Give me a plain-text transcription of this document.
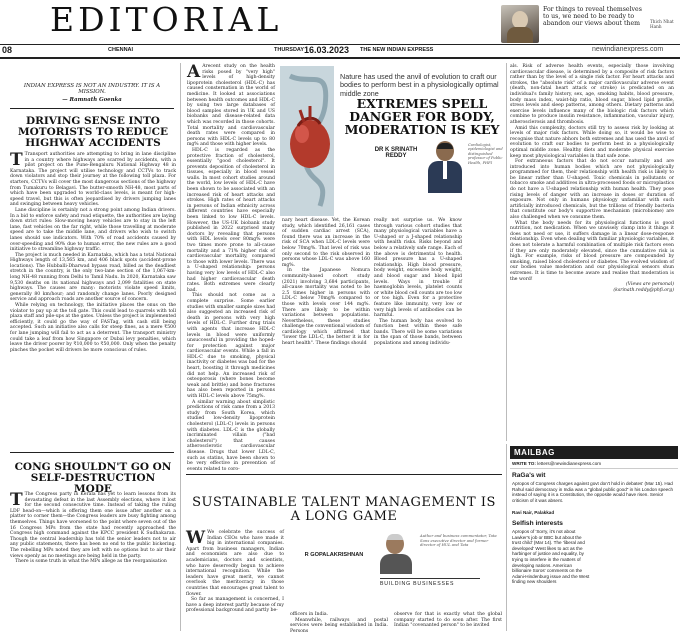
EDITORIAL	For things to reveal themselves to us, we need to be ready to abandon our views about them	Thich Nhat Hanh
08	CHENNAI	THURSDAY 16.03.2023 THE NEW INDIAN EXPRESS	newindianexpress.com
INDIAN EXPRESS IS NOT AN INDUSTRY. IT IS A MISSION.
— Ramnath Goenka
DRIVING SENSE INTO MOTORISTS TO REDUCE HIGHWAY ACCIDENTS

T Transport authorities are attempting to bring in lane discipline in a country where highways are scarred by accidents, with a pilot project on the Pune-Bengaluru National Highway 48 in Karnataka. The project will utilise technology and CCTVs to track down violators and stop their journey at the following toll plaza. For starters, CCTVs will cover the most dangerous sections of the highway from Tumakuru to Belagavi. The butter-smooth NH-48, most parts of which have been upgraded to world-class levels, is meant for high-speed travel, but this is often jeopardised by drivers jumping lanes and swinging between heavy vehicles.

Lane discipline is certainly not a strong point among Indian drivers. In a bid to enforce safety and road etiquette, the authorities are laying down strict rules: Slow-moving heavy vehicles are to stay in the left lane, fast vehicles on the far right, while those travelling at moderate speed are to take the middle lane, and drivers who wish to switch lanes should use indicators. With 70% of road accidents caused by over-speeding and 90% due to human error, the new rules are a good initiative to streamline highway traffic.

The project is much needed in Karnataka, which has a total National Highways length of 13,565 km, and 406 black spots (accident-prone locations). The Hubballi-Dharwad bypass road, billed as the deadliest stretch in the country, is the only two-lane section of the 1,067-km-long NH-48 running from Delhi to Tamil Nadu. In 2020, Karnataka saw 9,530 deaths on its national highways and 2,099 fatalities on state highways. The causes are many: motorists violate speed limits, generally 80 km/hour; and randomly change lanes. Poorly designed service and approach roads are another source of concern.

While relying on technology, the initiative places the onus on the violator to pay up at the toll gate. This could lead to quarrels with toll plaza staff and pile-ups at the gates. Unless the project is implemented efficiently, it could go the way of FASTag, with cash still being accepted. Such an initiative also calls for steep fines, as a mere ₹500 for lane jumping will fail to act as a deterrent. The transport ministry could take a leaf from how Singapore or Dubai levy penalties, which leave the driver poorer by ₹10,000 to ₹50,000. Only when the penalty pinches the pocket will drivers be more conscious of rules.

CONG SHOULDN'T GO ON SELF-DESTRUCTION MODE

T The Congress party in Kerala has yet to learn lessons from its devastating defeat in the last Assembly elections, where it lost for the second consecutive time. Instead of taking the ruling LDF head-on—which is offering them one issue after another on a platter to corner them—the Congress leaders are busy fighting among themselves. Things have worsened to the point where seven out of the 16 Congress MPs from the state had recently approached the Congress high command against the KPCC president K Sudhakaran. Though the central leadership has told the senior leaders not to air any public statements, there has been no end to the public bickering. The rebelling MPs noted they are left with no options but to air their views openly as no meetings are being held in the party.

There is some truth in what the MPs allege as the reorganisation

A Arecent study on the health risks posed by "very high" levels of high-density lipoprotein cholesterol (HDL-C) has caused consternation in the world of medicine. It looked at associations between health outcomes and HDL-C by using two large databases of blood samples stored in UK and US biobanks and disease-related data which was recorded in those cohorts. Total mortality and cardiovascular death rates were compared in persons with HDL-C levels up to 80 mg% and those with higher levels.

HDL-C is regarded as the protective fraction of cholesterol, essentially "good cholesterol". It prevents deposition of cholesterol in tissues, especially in blood vessel walls. In most cohort studies around the world, low levels of HDL-C have been shown to be associated with an increased risk of heart attacks and strokes. High rates of heart attacks in persons of Indian ethnicity across different countries have especially been linked to low HDL-C levels. However, the US-UK biobank study published in 2022 surprised many doctors by revealing that persons with HDL levels over 80mg% were two times more prone to all-cause mortality and a 71% higher risk of cardiovascular mortality, compared to those with lower levels. There was a U-shaped relationship: persons having very low levels of HDL-C also had higher cardiovascular death rates. Both extremes were clearly bad.

This should not come as a complete surprise. Some earlier studies with smaller sample sizes had also suggested an increased risk of death in persons with very high levels of HDL-C. Further drug trials with agents that increase HDL-C levels in blood were uniformly unsuccessful in providing the hoped-for protection against major cardiovascular events. While a fall in HDL-C due to smoking, physical inactivity or diabetes was bad for the heart, boosting it through medicines did not help. An increased risk of osteoporosis (where bones become weak and brittle) and bone fractures has also been reported in persons with HDL-C levels above 75mg%.

A similar warning about simplistic predictions of risk came from a 2013 study from South Korea, which studied low-density lipoprotein cholesterol (LDL-C) levels in persons with diabetes. LDL-C is the globally incriminated villain ("bad cholesterol") that causes atherosclerotic cardiovascular disease. Drugs that lower LDL-C, such as statins, have been shown to be very effective in prevention of events related to coro-

Nature has used the anvil of evolution to craft our bodies to perform best in a physiologically optimal middle zone
EXTREMES SPELL DANGER FOR BODY, MODERATION IS KEY
DR K SRINATH REDDY
Cardiologist, epidemiologist and distinguished professor of Public Health, PHFI

nary heart disease. Yet, the Korean study, which identified 26,161 cases of sudden cardiac arrest (SCA), found there was an increase in the risk of SCA when LDL-C levels were below 70mg%. That level of risk was only second to the risk observed in persons whose LDL-C was above 160 mg%.

In the Japanese Nomura community-based cohort study (2021) involving 3,684 participants, all-cause mortality was noted to be 2.5 times higher in persons with LDL-C below 70mg% compared to those with levels over 144 mg%. There are likely to be within variations between populations. Nevertheless, these studies challenge the conventional wisdom of cardiology which affirmed that "lower the LDL-C, the better it is for heart health". These findings should

really not surprise us. We know through various cohort studies that many physiological variables have a U-shaped or a J-shaped relationship with health risks. Risks beyond and below a relatively safe range. Each of the above is detrimental to health. Blood pressure has a U-shaped relationship. High blood pressure, body weight, excessive body weight, and blood sugar and blood lipid levels. Ways in trouble if haemoglobin levels, platelet counts or white blood cell counts are too low or too high. Even for a protective feature like immunity, very low or very high levels of antibodies can be harmful.

The human body has evolved to function best within these safe bands. There will be some variations in the span of those bands, between populations and among individu-

als. Risk of adverse health events, especially those involving cardiovascular disease, is determined by a composite of risk factors rather than by the level of a single risk factor. For heart attacks and strokes, the "absolute risk" of a major cardiovascular adverse event (death, non-fatal heart attack or stroke) is predicated on an individual's family history, sex, age, smoking habits, blood pressure, body mass index, waist-hip ratio, blood sugar, blood lipid profile, stress levels and sleep patterns, among others. Dietary patterns and exercise levels influence many of the biologic risk factors which combine to produce insulin resistance, inflammation, vascular injury, atherosclerosis and thrombosis.

Amid this complexity, doctors still try to assess risk by looking at levels of major risk factors. While doing so, it would be wise to recognise that nature abhors both extremes and has used the anvil of evolution to craft our bodies to perform best in a physiologically optimal middle zone. Healthy diets and moderate physical exercise keep most physiological variables in that safe zone.

For extraneous factors that do not occur naturally and are introduced into human bodies which are not physiologically programmed for them, their relationship with health risk is likely to be linear rather than U-shaped. Toxic chemicals in pollutants or tobacco smoke and additives in ultra-processed foods or microplastics do not have a U-shaped relationship with human health. They pose rising levels of danger with an increase in doses or duration of exposure. Not only in humans physiology unfamiliar with such artificially introduced chemicals, but the trillions of friendly bacteria that constitute our body's supportive mechanism (microbiome) are also challenged when we consume them.

What the body needs for its physiological functions is good nutrition, not medication. When we unwisely clamp into it things it does not need or use, it suffers damage in a linear dose-response relationship. Even when dealing with familiar physiologic variables, it does not tolerate a harmful combination of multiple risk factors even if they are only moderately elevated, since the cumulative risk is high. For example, risks of blood pressure are compounded by smoking, raised blood cholesterol or diabetes. The evolved wisdom of our bodies value moderation and our physiological sensors shun extremes. It is time to become aware and realise that moderation is the word!

(Views are personal)

(ksrinath.reddy@phfi.org)

SUSTAINABLE TALENT MANAGEMENT IS A LONG GAME

W We celebrate the success of Indian CEOs who have made it big in international companies. Apart from business managers, Indian and economists are also due to academicians, doctors and scientists, who have deservedly begun to achieve international recognition. While the leaders have great merit, we cannot overlook the meritocracy in those countries that encourages great talent to flower.

So far as management is concerned, I have a deep interest partly because of my professional background and partly be-

R GOPALAKRISHNAN
Author and business commentator, Tata Sons executive director and former director of HUL and Tata
BUILDING BUSINESSES

officers in India.

Meanwhile, railways and postal services were being established in India. Persons

observe for that is exactly what the global company started to do soon after. The first Indian "covenanted person" to be invited

MAILBAG
WRITE TO: letters@newindianexpress.com
RaGa's wit
Apropos of Congress charges against govt don't hold in debates' (Mar 15). Had Rahul said democracy in India was a "global public good" in his London speech instead of saying it is a Constitution, the opposite would have risen. Senior criticism of it was absent.
Ravi Nair, Palakkad
Selfish interests
Apropos of 'Sorry, it's not about Lawker's job or BBC but about the trust child' (Mar 14). The 'liberal and developed' West likes to act as the harbinger of justice and equality, by trying to interfere in the matters of developing nations. American billionaire Soros' comments on the Adani-Hindenburg issue and the West finding new shoulders
